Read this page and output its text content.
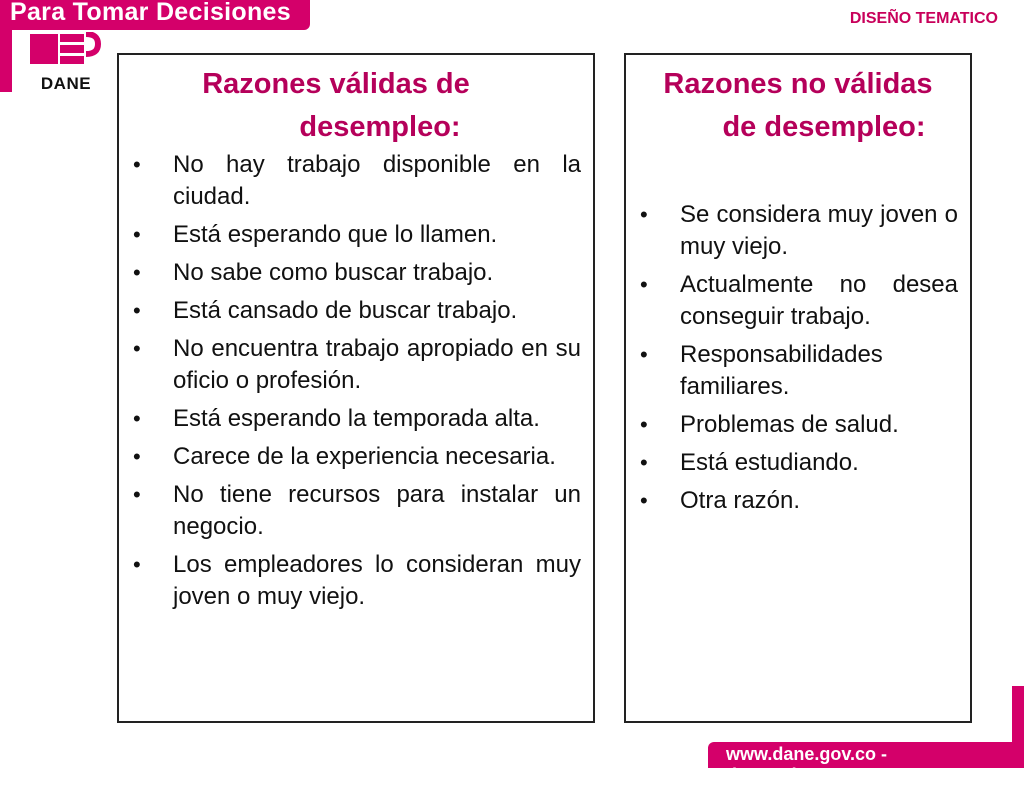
Para Tomar Decisiones	DISEÑO TEMATICO
DANE	Razones válidas de
desempleo:
• No hay trabajo disponible en la ciudad.
• Está esperando que lo llamen.
• No sabe como buscar trabajo.
• Está cansado de buscar trabajo.
• No encuentra trabajo apropiado en su oficio o profesión.
• Está esperando la temporada alta.
• Carece de la experiencia necesaria.
• No tiene recursos para instalar un negocio.
• Los empleadores lo consideran muy joven o muy viejo.
Razones no válidas
de desempleo:
• Se considera muy joven o muy viejo.
• Actualmente no desea conseguir trabajo.
• Responsabilidades familiares.
• Problemas de salud.
• Está estudiando.
• Otra razón.
www.dane.gov.co - dane@dane.gov.co
